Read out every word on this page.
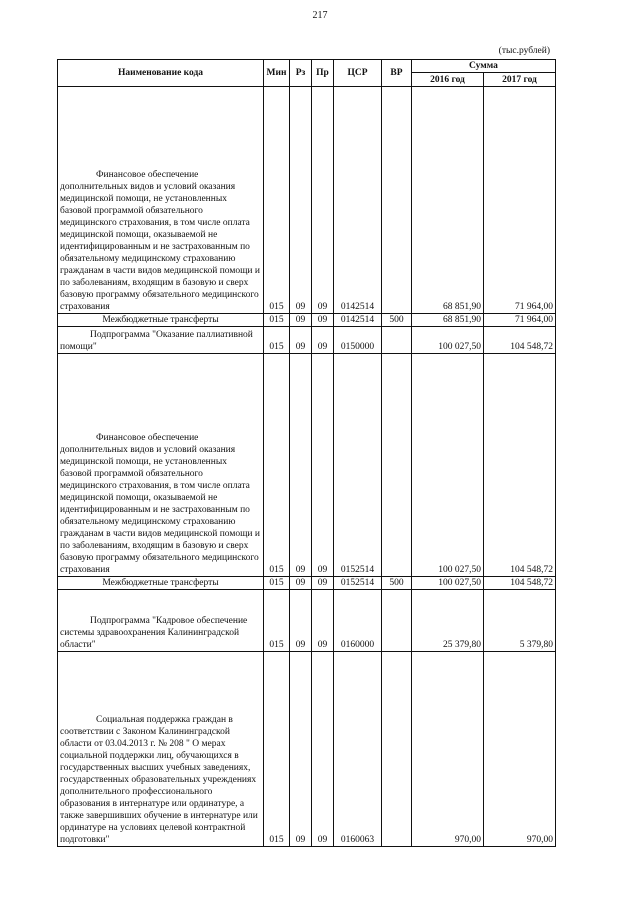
217
(тыс.рублей)
Наименование кода	Мин	Рз	Пр	ЦСР	ВР	Сумма	
						2016 год	2017 год

Финансовое обеспечение дополнительных видов и условий оказания медицинской помощи, не установленных базовой программой обязательного медицинского страхования, в том числе оплата медицинской помощи, оказываемой не идентифицированным и не застрахованным по обязательному медицинскому страхованию гражданам в части видов медицинской помощи и по заболеваниям, входящим в базовую и сверх базовую программу обязательного медицинского страхования	015	09	09	0142514		68 851,90	71 964,00
Межбюджетные трансферты	015	09	09	0142514	500	68 851,90	71 964,00

Подпрограмма "Оказание паллиативной помощи"	015	09	09	0150000		100 027,50	104 548,72

Финансовое обеспечение дополнительных видов и условий оказания медицинской помощи, не установленных базовой программой обязательного медицинского страхования, в том числе оплата медицинской помощи, оказываемой не идентифицированным и не застрахованным по обязательному медицинскому страхованию гражданам в части видов медицинской помощи и по заболеваниям, входящим в базовую и сверх базовую программу обязательного медицинского страхования	015	09	09	0152514		100 027,50	104 548,72
Межбюджетные трансферты	015	09	09	0152514	500	100 027,50	104 548,72

Подпрограмма "Кадровое обеспечение системы здравоохранения Калининградской области"	015	09	09	0160000		25 379,80	5 379,80

Социальная поддержка граждан в соответствии с Законом Калининградской области от 03.04.2013 г. № 208 " О мерах социальной поддержки лиц, обучающихся в государственных высших учебных заведениях, государственных образовательных учреждениях дополнительного профессионального образования в интернатуре или ординатуре, а также завершивших обучение в интернатуре или ординатуре на условиях целевой контрактной подготовки"	015	09	09	0160063		970,00	970,00
